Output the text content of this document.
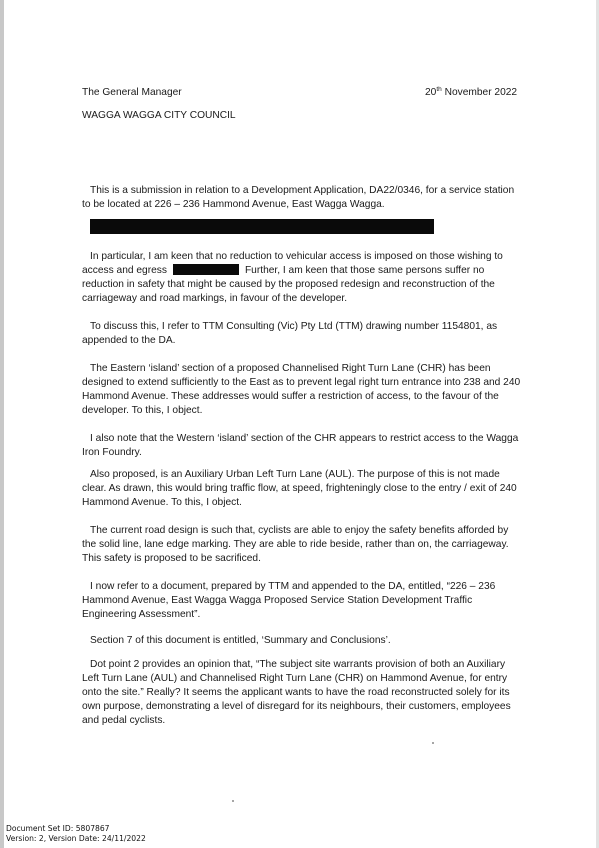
The General Manager	20th November 2022
WAGGA WAGGA CITY COUNCIL

This is a submission in relation to a Development Application, DA22/0346, for a service station to be located at 226 – 236 Hammond Avenue, East Wagga Wagga.

In particular, I am keen that no reduction to vehicular access is imposed on those wishing to access and egress	Further, I am keen that those same persons suffer no reduction in safety that might be caused by the proposed redesign and reconstruction of the carriageway and road markings, in favour of the developer.

To discuss this, I refer to TTM Consulting (Vic) Pty Ltd (TTM) drawing number 1154801, as appended to the DA.

The Eastern ‘island’ section of a proposed Channelised Right Turn Lane (CHR) has been designed to extend sufficiently to the East as to prevent legal right turn entrance into 238 and 240 Hammond Avenue. These addresses would suffer a restriction of access, to the favour of the developer. To this, I object.

I also note that the Western ‘island’ section of the CHR appears to restrict access to the Wagga Iron Foundry.

Also proposed, is an Auxiliary Urban Left Turn Lane (AUL). The purpose of this is not made clear. As drawn, this would bring traffic flow, at speed, frighteningly close to the entry / exit of 240 Hammond Avenue. To this, I object.

The current road design is such that, cyclists are able to enjoy the safety benefits afforded by the solid line, lane edge marking. They are able to ride beside, rather than on, the carriageway. This safety is proposed to be sacrificed.

I now refer to a document, prepared by TTM and appended to the DA, entitled, “226 – 236 Hammond Avenue, East Wagga Wagga Proposed Service Station Development Traffic Engineering Assessment”.

Section 7 of this document is entitled, ‘Summary and Conclusions’.

Dot point 2 provides an opinion that, “The subject site warrants provision of both an Auxiliary Left Turn Lane (AUL) and Channelised Right Turn Lane (CHR) on Hammond Avenue, for entry onto the site.” Really? It seems the applicant wants to have the road reconstructed solely for its own purpose, demonstrating a level of disregard for its neighbours, their customers, employees and pedal cyclists.

Document Set ID: 5807867
Version: 2, Version Date: 24/11/2022
